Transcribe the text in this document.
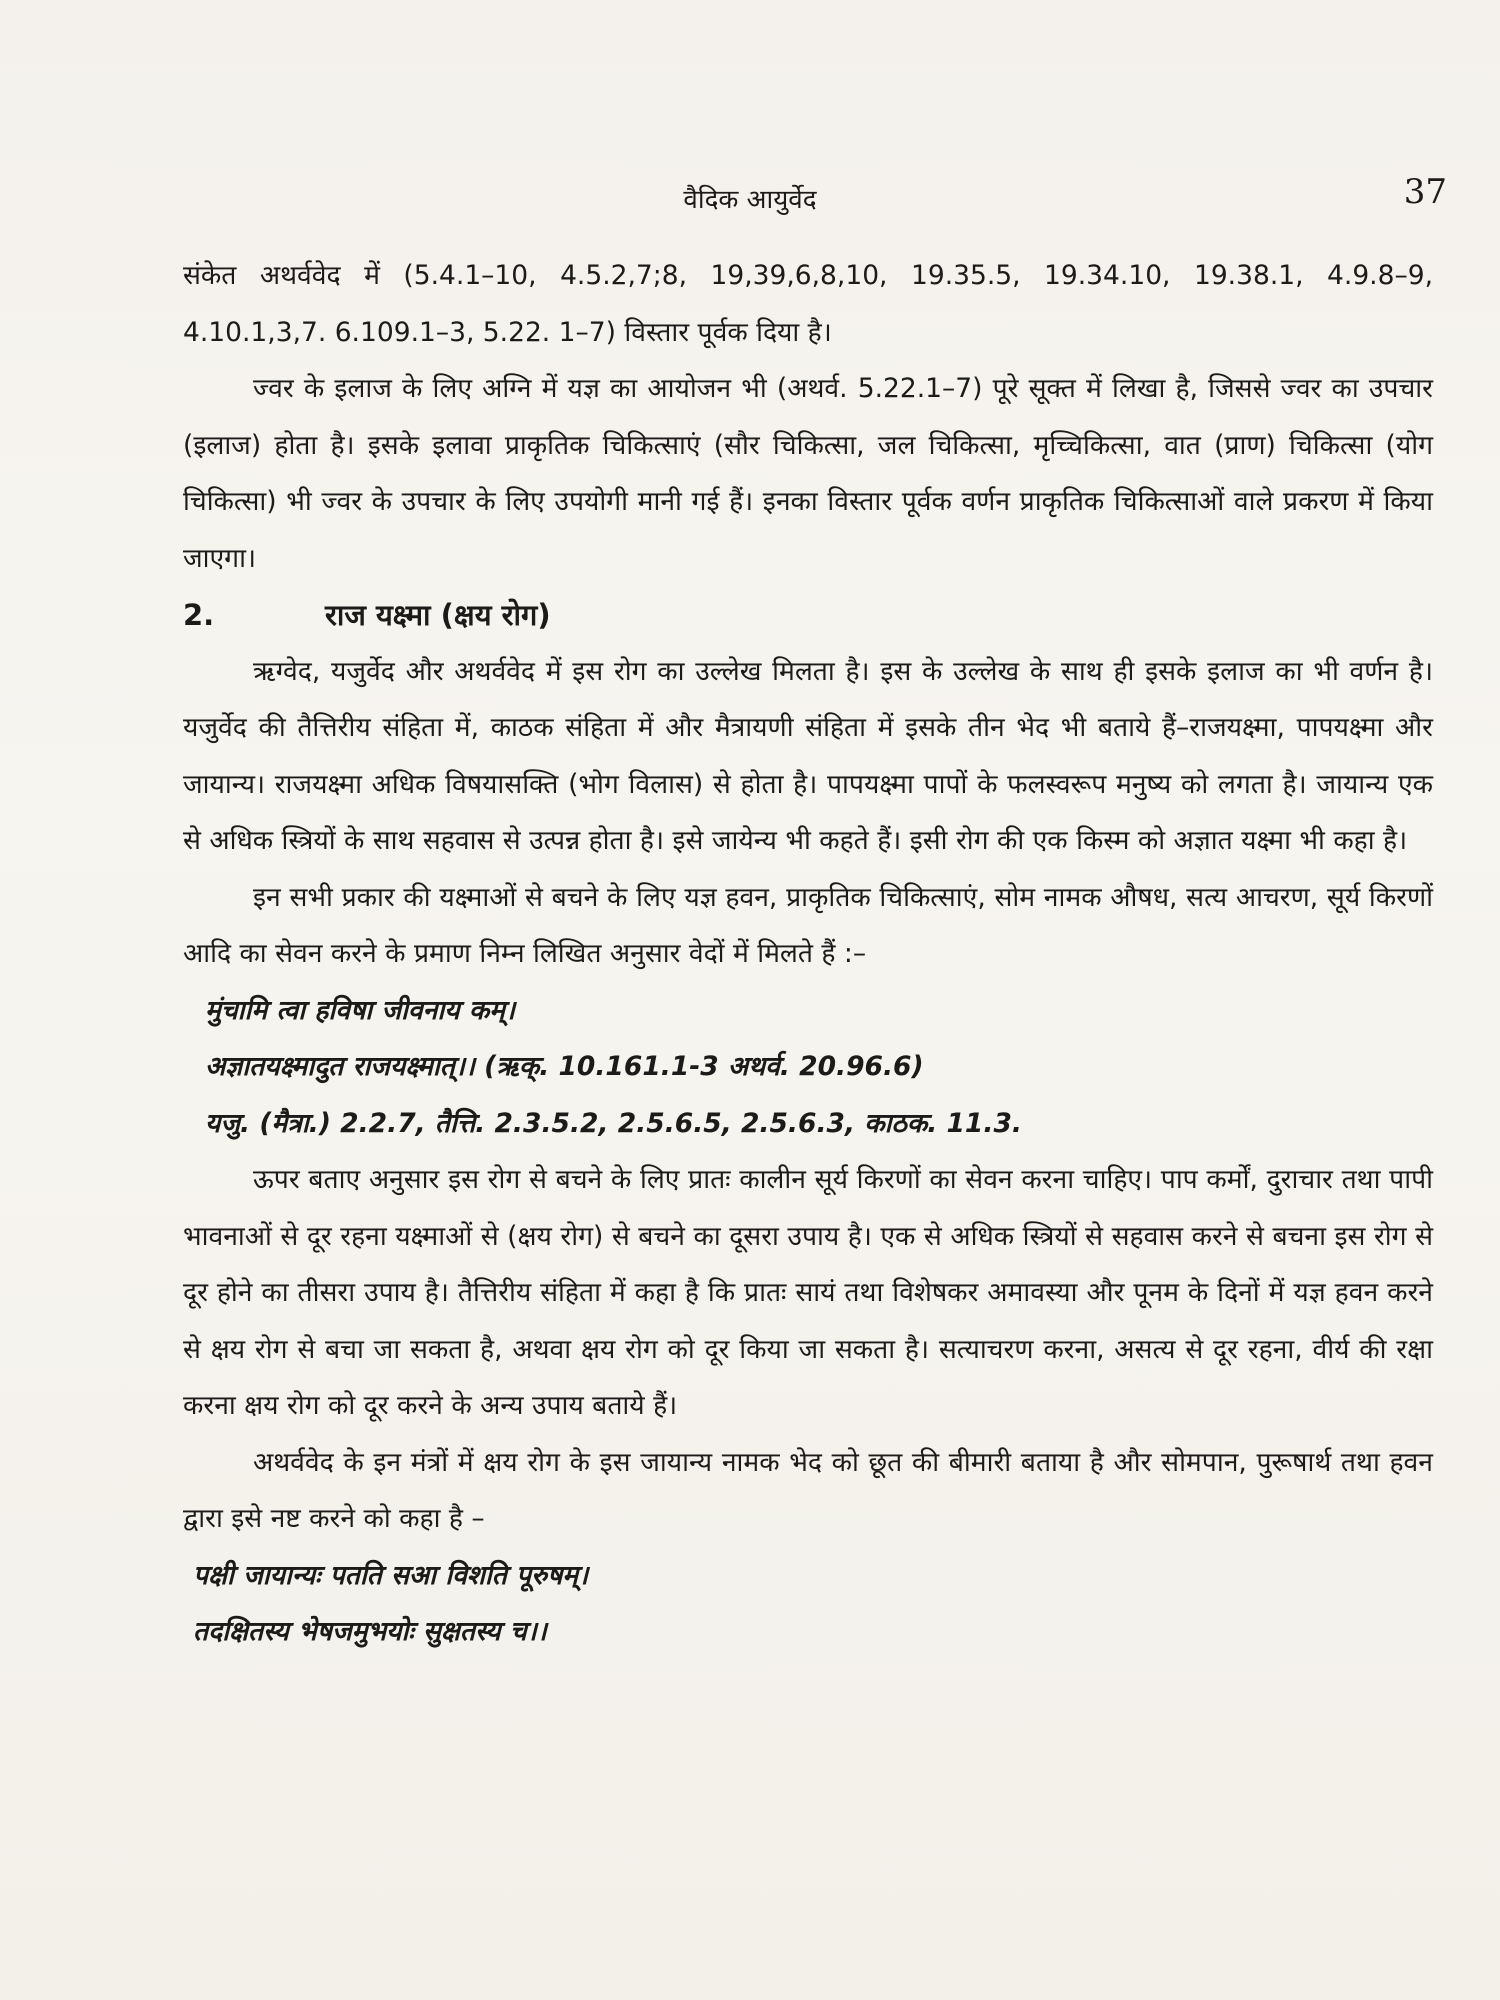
वैदिक आयुर्वेद	37

संकेत अथर्ववेद में (5.4.1–10, 4.5.2,7;8, 19,39,6,8,10, 19.35.5, 19.34.10, 19.38.1, 4.9.8–9, 4.10.1,3,7. 6.109.1–3, 5.22. 1–7) विस्तार पूर्वक दिया है।

ज्वर के इलाज के लिए अग्नि में यज्ञ का आयोजन भी (अथर्व. 5.22.1–7) पूरे सूक्त में लिखा है, जिससे ज्वर का उपचार (इलाज) होता है। इसके इलावा प्राकृतिक चिकित्साएं (सौर चिकित्सा, जल चिकित्सा, मृच्चिकित्सा, वात (प्राण) चिकित्सा (योग चिकित्सा) भी ज्वर के उपचार के लिए उपयोगी मानी गई हैं। इनका विस्तार पूर्वक वर्णन प्राकृतिक चिकित्साओं वाले प्रकरण में किया जाएगा।

2.	राज यक्ष्मा (क्षय रोग)

ऋग्वेद, यजुर्वेद और अथर्ववेद में इस रोग का उल्लेख मिलता है। इस के उल्लेख के साथ ही इसके इलाज का भी वर्णन है। यजुर्वेद की तैत्तिरीय संहिता में, काठक संहिता में और मैत्रायणी संहिता में इसके तीन भेद भी बताये हैं–राजयक्ष्मा, पापयक्ष्मा और जायान्य। राजयक्ष्मा अधिक विषयासक्ति (भोग विलास) से होता है। पापयक्ष्मा पापों के फलस्वरूप मनुष्य को लगता है। जायान्य एक से अधिक स्त्रियों के साथ सहवास से उत्पन्न होता है। इसे जायेन्य भी कहते हैं। इसी रोग की एक किस्म को अज्ञात यक्ष्मा भी कहा है।

इन सभी प्रकार की यक्ष्माओं से बचने के लिए यज्ञ हवन, प्राकृतिक चिकित्साएं, सोम नामक औषध, सत्य आचरण, सूर्य किरणों आदि का सेवन करने के प्रमाण निम्न लिखित अनुसार वेदों में मिलते हैं :–

मुंचामि त्वा हविषा जीवनाय कम्।
अज्ञातयक्ष्मादुत राजयक्ष्मात्।। (ऋक्. 10.161.1-3 अथर्व. 20.96.6)
यजु. (मैत्रा.) 2.2.7, तैत्ति. 2.3.5.2, 2.5.6.5, 2.5.6.3, काठक. 11.3.

ऊपर बताए अनुसार इस रोग से बचने के लिए प्रातः कालीन सूर्य किरणों का सेवन करना चाहिए। पाप कर्मों, दुराचार तथा पापी भावनाओं से दूर रहना यक्ष्माओं से (क्षय रोग) से बचने का दूसरा उपाय है। एक से अधिक स्त्रियों से सहवास करने से बचना इस रोग से दूर होने का तीसरा उपाय है। तैत्तिरीय संहिता में कहा है कि प्रातः सायं तथा विशेषकर अमावस्या और पूनम के दिनों में यज्ञ हवन करने से क्षय रोग से बचा जा सकता है, अथवा क्षय रोग को दूर किया जा सकता है। सत्याचरण करना, असत्य से दूर रहना, वीर्य की रक्षा करना क्षय रोग को दूर करने के अन्य उपाय बताये हैं।

अथर्ववेद के इन मंत्रों में क्षय रोग के इस जायान्य नामक भेद को छूत की बीमारी बताया है और सोमपान, पुरूषार्थ तथा हवन द्वारा इसे नष्ट करने को कहा है –

पक्षी जायान्यः पतति सआ विशति पूरुषम्।
तदक्षितस्य भेषजमुभयोः सुक्षतस्य च।।
